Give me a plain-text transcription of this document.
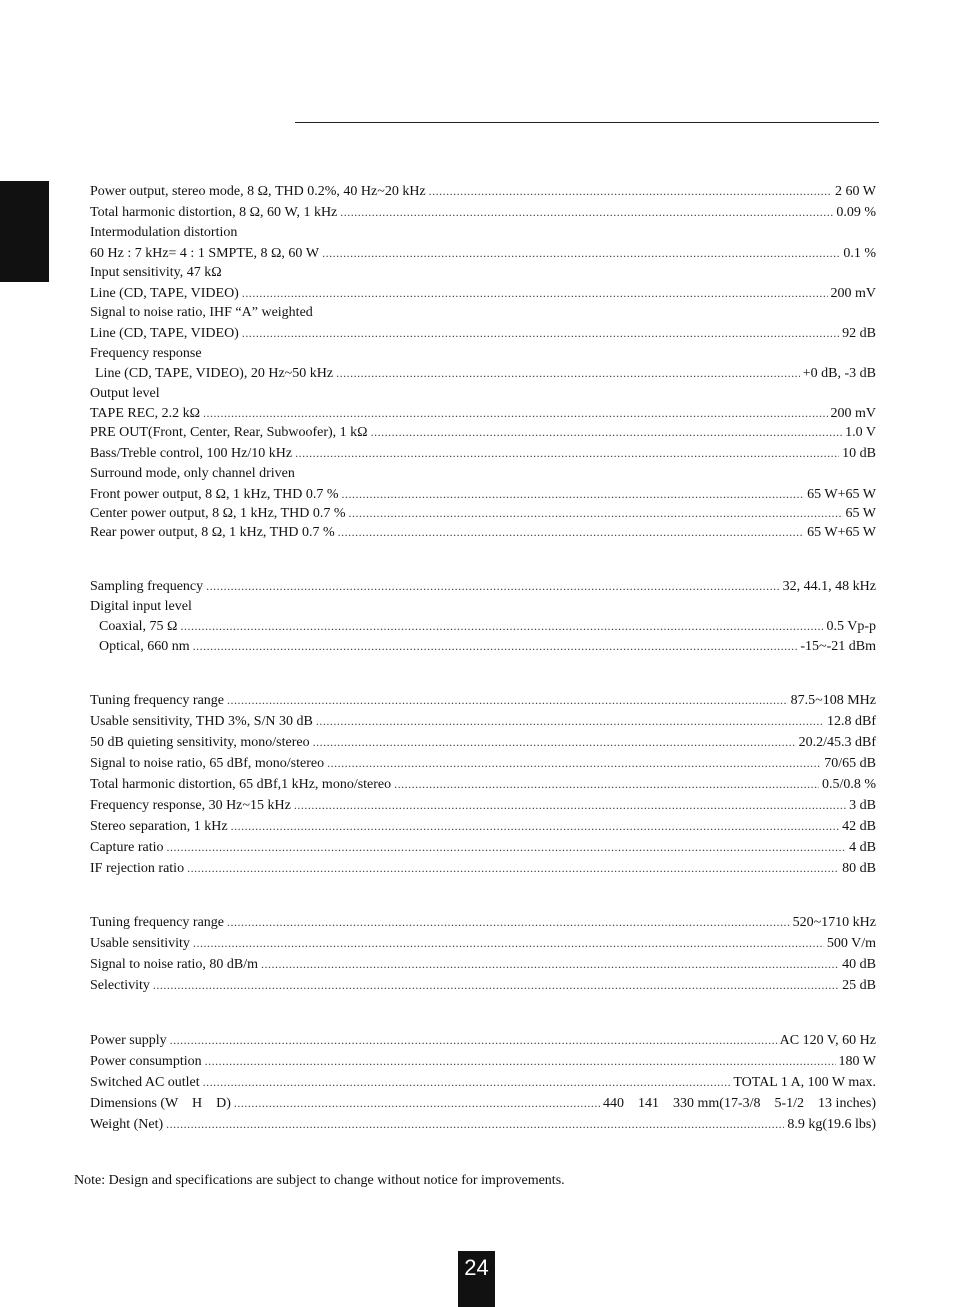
Power output, stereo mode, 8 Ω, THD 0.2%, 40 Hz~20 kHz .....	2 60 W
Total harmonic distortion, 8 Ω, 60 W, 1 kHz .....	0.09 %
Intermodulation distortion
60 Hz : 7 kHz= 4 : 1 SMPTE, 8 Ω, 60 W .....	0.1 %
Input sensitivity, 47 kΩ
Line (CD, TAPE, VIDEO) .....	200 mV
Signal to noise ratio, IHF “A” weighted
Line (CD, TAPE, VIDEO) .....	92 dB
Frequency response
Line (CD, TAPE, VIDEO), 20 Hz~50 kHz .....	+0 dB, -3 dB
Output level
TAPE REC, 2.2 kΩ .....	200 mV
PRE OUT(Front, Center, Rear, Subwoofer), 1 kΩ .....	1.0 V
Bass/Treble control, 100 Hz/10 kHz .....	10 dB
Surround mode, only channel driven
Front power output, 8 Ω, 1 kHz, THD 0.7 % .....	65 W+65 W
Center power output, 8 Ω, 1 kHz, THD 0.7 % .....	65 W
Rear power output, 8 Ω, 1 kHz, THD 0.7 % .....	65 W+65 W
Sampling frequency .....	32, 44.1, 48 kHz
Digital input level
Coaxial, 75 Ω .....	0.5 Vp-p
Optical, 660 nm .....	-15~-21 dBm
Tuning frequency range .....	87.5~108 MHz
Usable sensitivity, THD 3%, S/N 30 dB .....	12.8 dBf
50 dB quieting sensitivity, mono/stereo .....	20.2/45.3 dBf
Signal to noise ratio, 65 dBf, mono/stereo .....	70/65 dB
Total harmonic distortion, 65 dBf,1 kHz, mono/stereo .....	0.5/0.8 %
Frequency response, 30 Hz~15 kHz .....	3 dB
Stereo separation, 1 kHz .....	42 dB
Capture ratio .....	4 dB
IF rejection ratio .....	80 dB
Tuning frequency range .....	520~1710 kHz
Usable sensitivity .....	500 V/m
Signal to noise ratio, 80 dB/m .....	40 dB
Selectivity .....	25 dB
Power supply .....	AC 120 V, 60 Hz
Power consumption .....	180 W
Switched AC outlet .....	TOTAL 1 A, 100 W max.
Dimensions (W    H    D) .....	440    141    330 mm(17-3/8    5-1/2    13 inches)
Weight (Net) .....	8.9 kg(19.6 lbs)
Note: Design and specifications are subject to change without notice for improvements.
24
